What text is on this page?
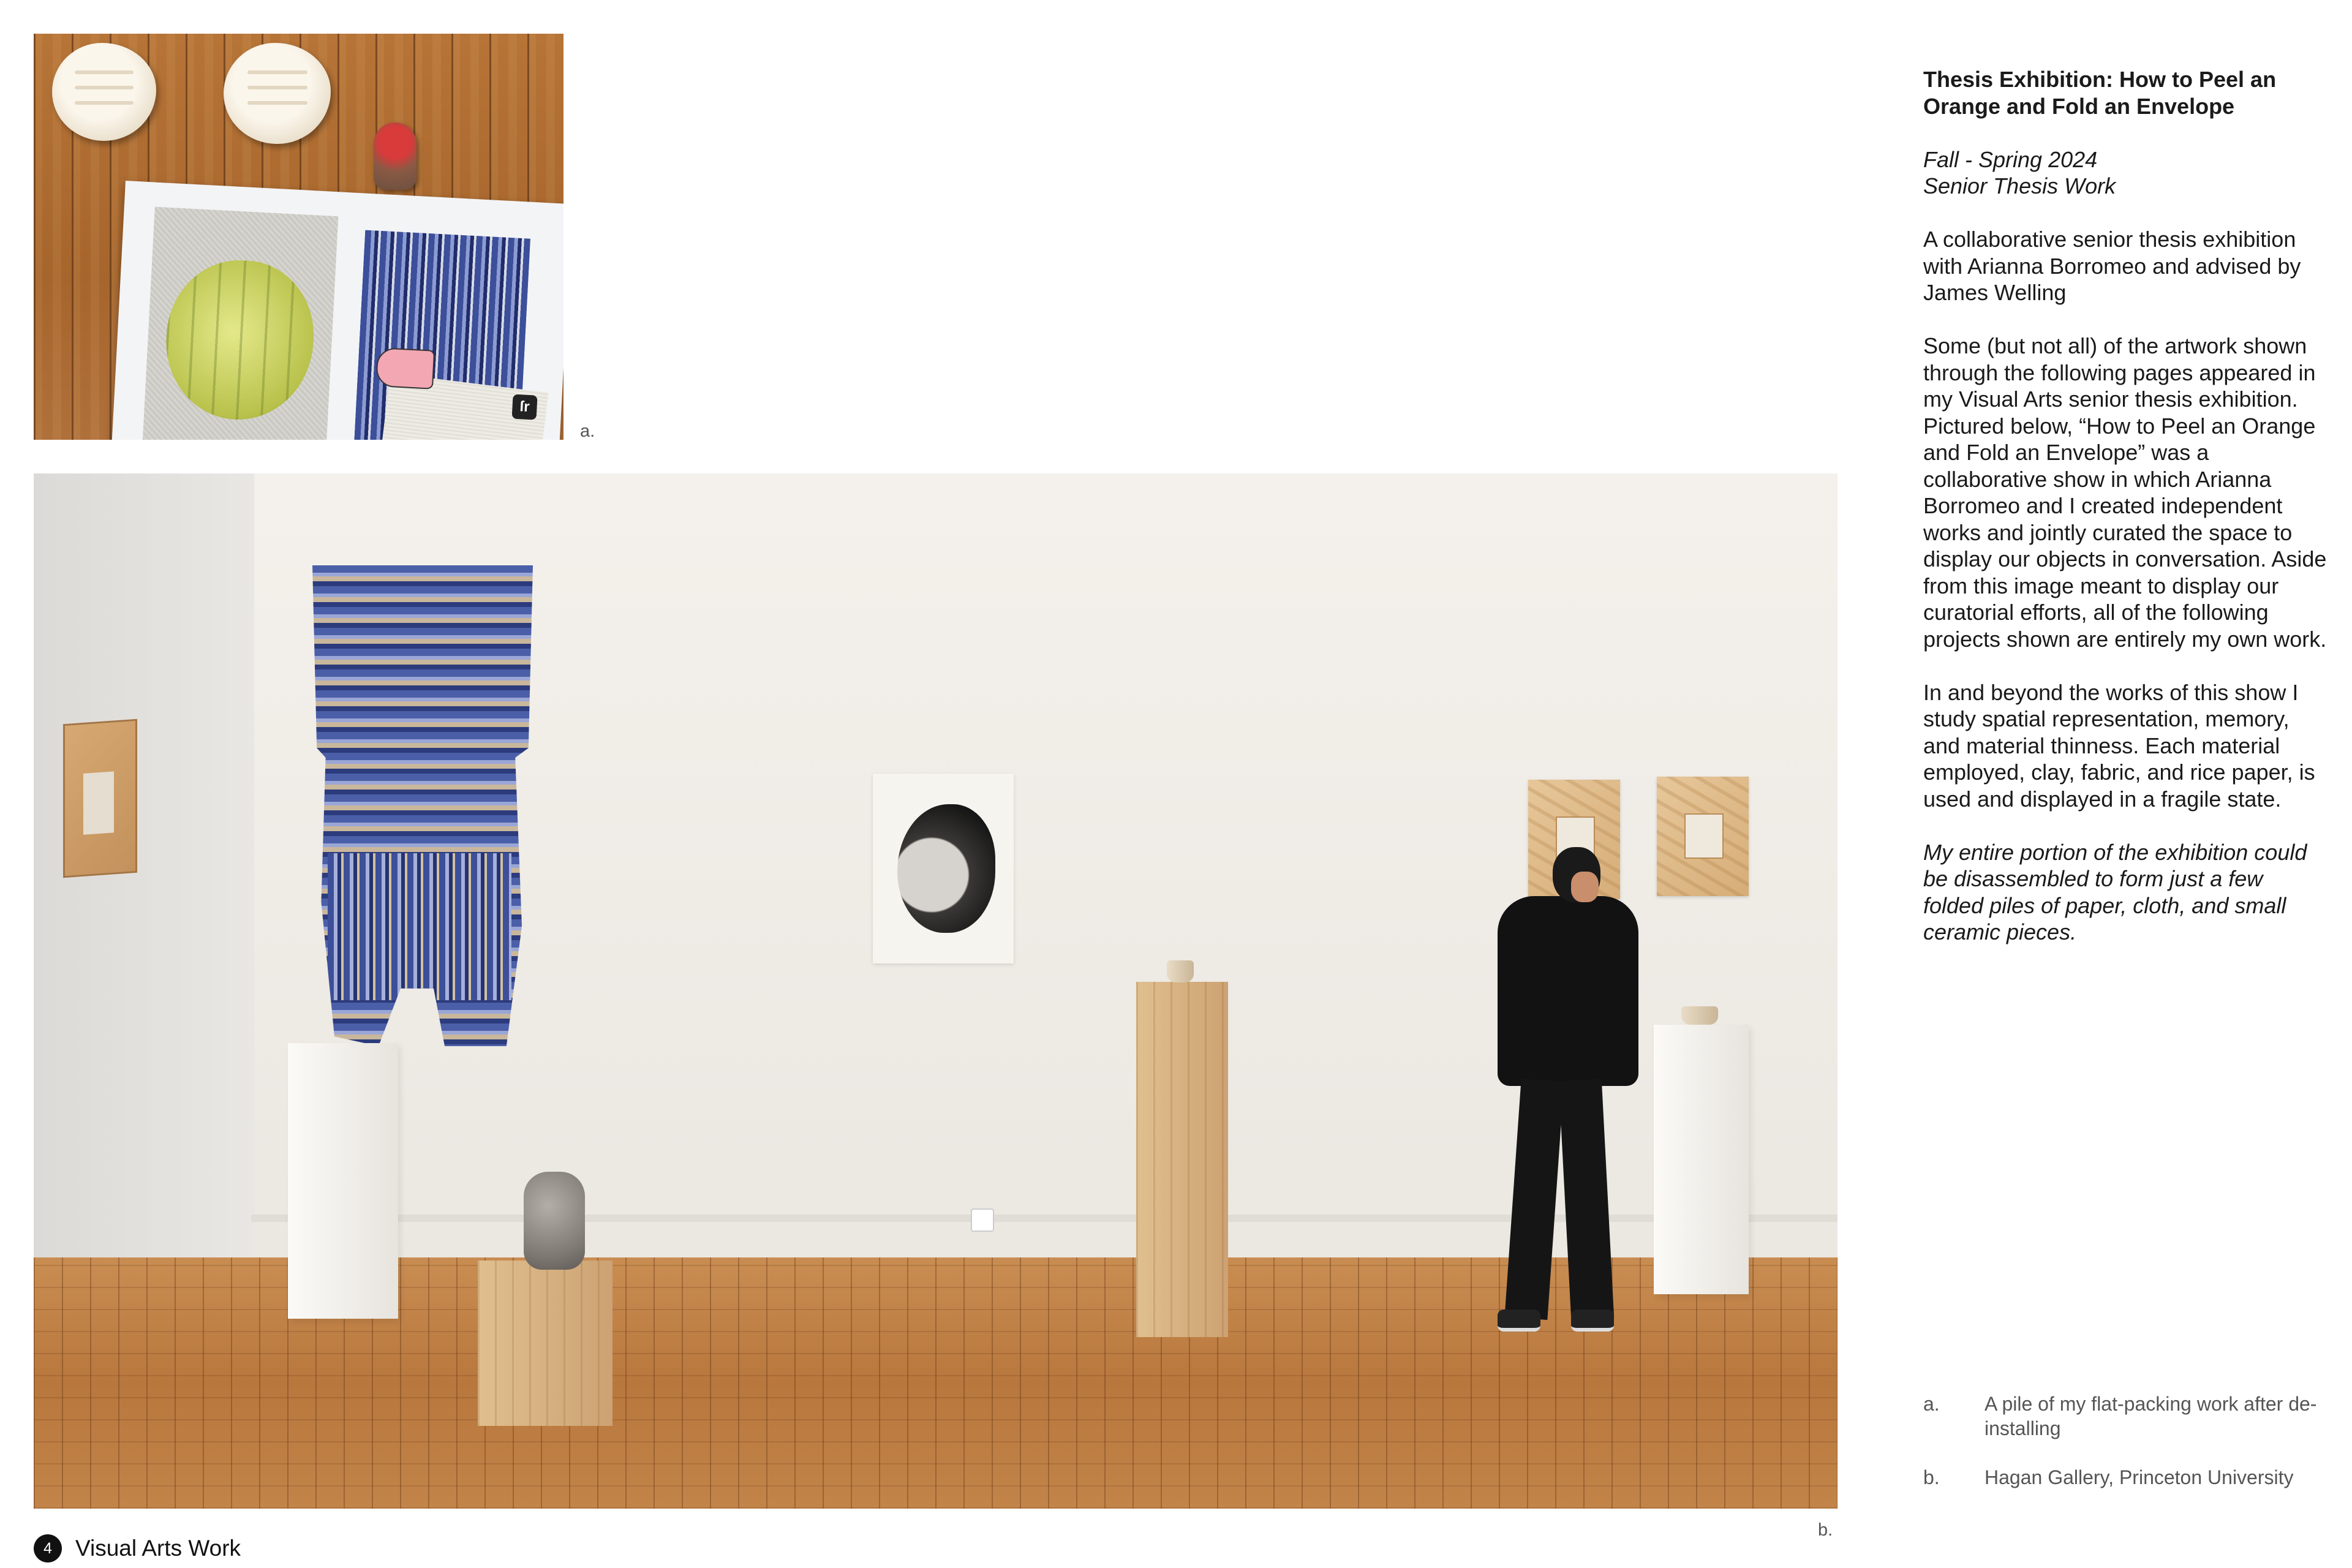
ſr
a.
b.
4	Visual Arts Work

Thesis Exhibition: How to Peel an Orange and Fold an Envelope

Fall - Spring 2024
Senior Thesis Work

A collaborative senior thesis exhibition with Arianna Borromeo and advised by James Welling

Some (but not all) of the artwork shown through the following pages appeared in my Visual Arts senior thesis exhibition. Pictured below, “How to Peel an Orange and Fold an Envelope” was a collaborative show in which Arianna Borromeo and I created independent works and jointly curated the space to display our objects in conversation. Aside from this image meant to display our curatorial efforts, all of the following projects shown are entirely my own work.

In and beyond the works of this show I study spatial representation, memory, and material thinness. Each material employed, clay, fabric, and rice paper, is used and displayed in a fragile state.

My entire portion of the exhibition could be disassembled to form just a few folded piles of paper, cloth, and small ceramic pieces.

a.	A pile of my flat-packing work after de-installing
b.	Hagan Gallery, Princeton University
